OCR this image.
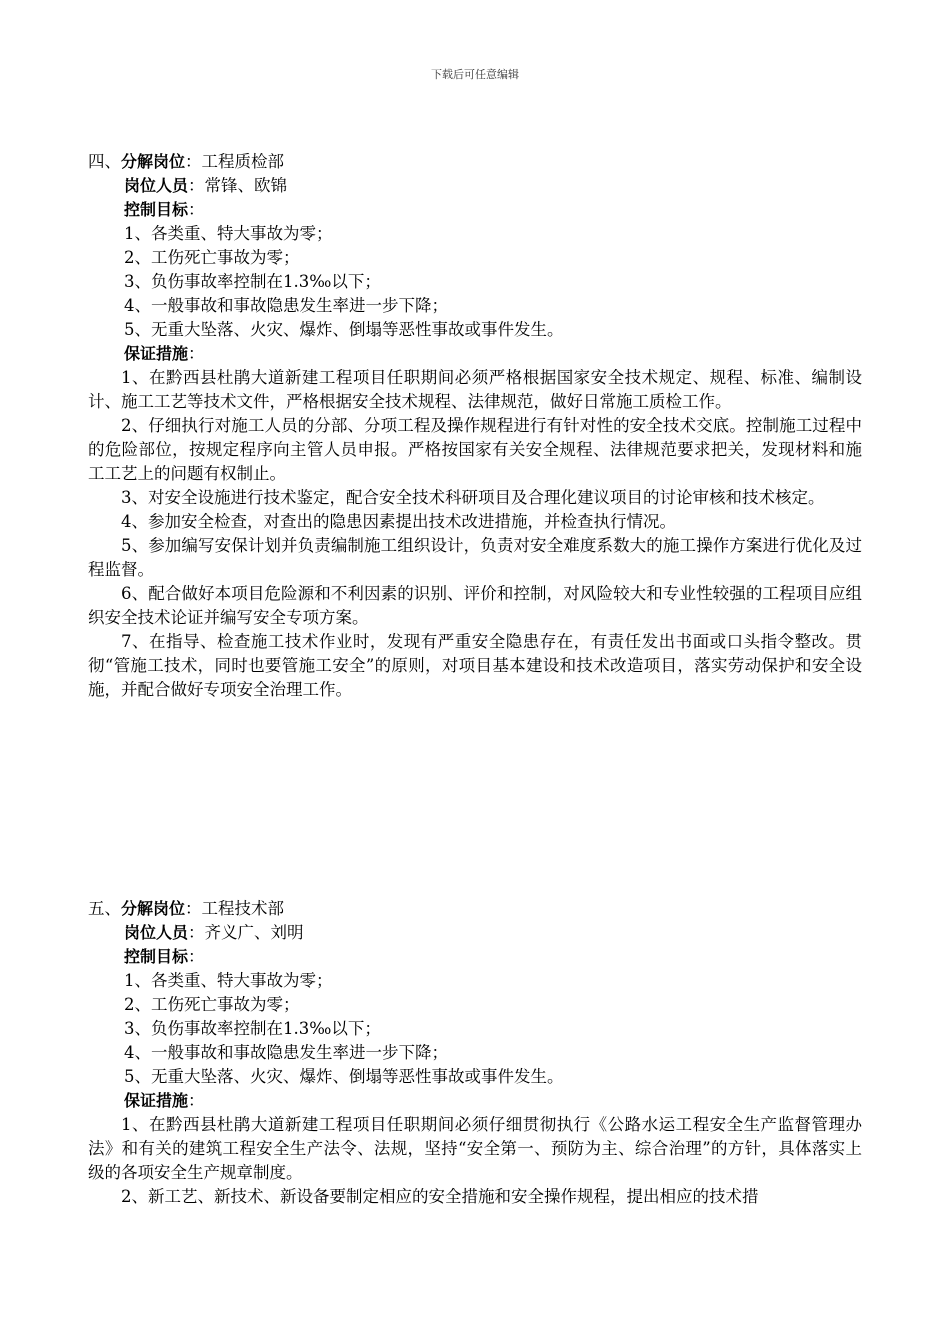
下载后可任意编辑
四、分解岗位：工程质检部
岗位人员：常锋、欧锦
控制目标：
1、各类重、特大事故为零；
2、工伤死亡事故为零；
3、负伤事故率控制在1.3‰以下；
4、一般事故和事故隐患发生率进一步下降；
5、无重大坠落、火灾、爆炸、倒塌等恶性事故或事件发生。
保证措施：
1、在黔西县杜鹃大道新建工程项目任职期间必须严格根据国家安全技术规定、规程、标准、编制设计、施工工艺等技术文件，严格根据安全技术规程、法律规范，做好日常施工质检工作。
2、仔细执行对施工人员的分部、分项工程及操作规程进行有针对性的安全技术交底。控制施工过程中的危险部位，按规定程序向主管人员申报。严格按国家有关安全规程、法律规范要求把关，发现材料和施工工艺上的问题有权制止。
3、对安全设施进行技术鉴定，配合安全技术科研项目及合理化建议项目的讨论审核和技术核定。
4、参加安全检查，对查出的隐患因素提出技术改进措施，并检查执行情况。
5、参加编写安保计划并负责编制施工组织设计，负责对安全难度系数大的施工操作方案进行优化及过程监督。
6、配合做好本项目危险源和不利因素的识别、评价和控制，对风险较大和专业性较强的工程项目应组织安全技术论证并编写安全专项方案。
7、在指导、检查施工技术作业时，发现有严重安全隐患存在，有责任发出书面或口头指令整改。贯彻“管施工技术，同时也要管施工安全”的原则，对项目基本建设和技术改造项目，落实劳动保护和安全设施，并配合做好专项安全治理工作。
五、分解岗位：工程技术部
岗位人员：齐义广、刘明
控制目标：
1、各类重、特大事故为零；
2、工伤死亡事故为零；
3、负伤事故率控制在1.3‰以下；
4、一般事故和事故隐患发生率进一步下降；
5、无重大坠落、火灾、爆炸、倒塌等恶性事故或事件发生。
保证措施：
1、在黔西县杜鹃大道新建工程项目任职期间必须仔细贯彻执行《公路水运工程安全生产监督管理办法》和有关的建筑工程安全生产法令、法规，坚持“安全第一、预防为主、综合治理”的方针，具体落实上级的各项安全生产规章制度。
2、新工艺、新技术、新设备要制定相应的安全措施和安全操作规程，提出相应的技术措
